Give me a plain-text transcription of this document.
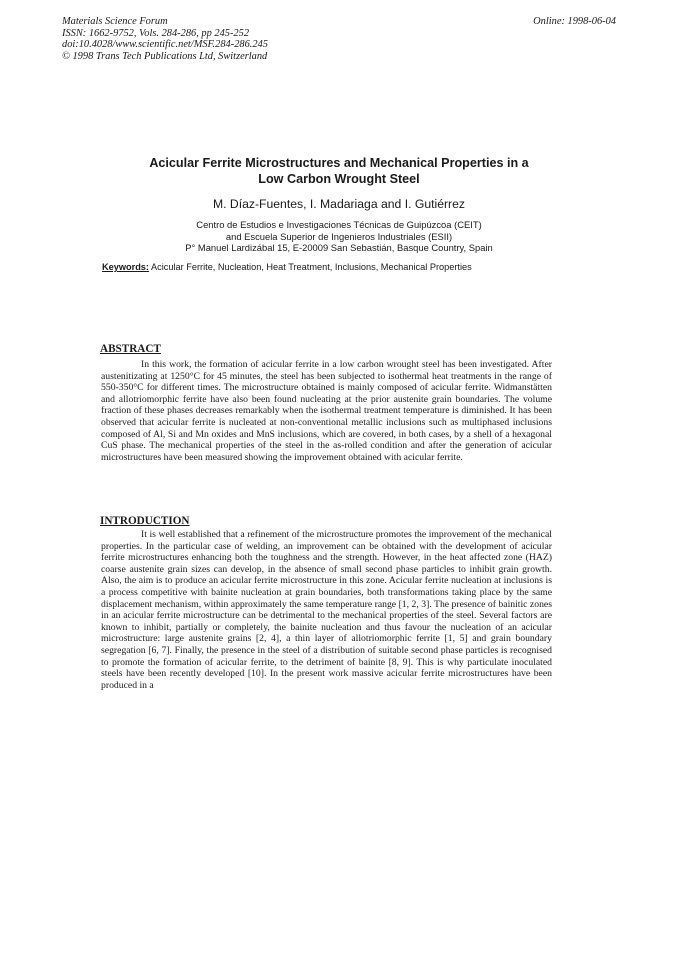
Materials Science Forum
ISSN: 1662-9752, Vols. 284-286, pp 245-252
doi:10.4028/www.scientific.net/MSF.284-286.245
© 1998 Trans Tech Publications Ltd, Switzerland
Online: 1998-06-04
Acicular Ferrite Microstructures and Mechanical Properties in a
Low Carbon Wrought Steel
M. Díaz-Fuentes, I. Madariaga and I. Gutiérrez
Centro de Estudios e Investigaciones Técnicas de Guipúzcoa (CEIT)
and Escuela Superior de Ingenieros Industriales (ESII)
P° Manuel Lardizábal 15, E-20009 San Sebastián, Basque Country, Spain
Keywords: Acicular Ferrite, Nucleation, Heat Treatment, Inclusions, Mechanical Properties
ABSTRACT

In this work, the formation of acicular ferrite in a low carbon wrought steel has been investigated. After austenitizating at 1250°C for 45 minutes, the steel has been subjected to isothermal heat treatments in the range of 550-350°C for different times. The microstructure obtained is mainly composed of acicular ferrite. Widmanstätten and allotriomorphic ferrite have also been found nucleating at the prior austenite grain boundaries. The volume fraction of these phases decreases remarkably when the isothermal treatment temperature is diminished. It has been observed that acicular ferrite is nucleated at non-conventional metallic inclusions such as multiphased inclusions composed of Al, Si and Mn oxides and MnS inclusions, which are covered, in both cases, by a shell of a hexagonal CuS phase. The mechanical properties of the steel in the as-rolled condition and after the generation of acicular microstructures have been measured showing the improvement obtained with acicular ferrite.

INTRODUCTION

It is well established that a refinement of the microstructure promotes the improvement of the mechanical properties. In the particular case of welding, an improvement can be obtained with the development of acicular ferrite microstructures enhancing both the toughness and the strength. However, in the heat affected zone (HAZ) coarse austenite grain sizes can develop, in the absence of small second phase particles to inhibit grain growth. Also, the aim is to produce an acicular ferrite microstructure in this zone. Acicular ferrite nucleation at inclusions is a process competitive with bainite nucleation at grain boundaries, both transformations taking place by the same displacement mechanism, within approximately the same temperature range [1, 2, 3]. The presence of bainitic zones in an acicular ferrite microstructure can be detrimental to the mechanical properties of the steel. Several factors are known to inhibit, partially or completely, the bainite nucleation and thus favour the nucleation of an acicular microstructure: large austenite grains [2, 4], a thin layer of allotriomorphic ferrite [1, 5] and grain boundary segregation [6, 7]. Finally, the presence in the steel of a distribution of suitable second phase particles is recognised to promote the formation of acicular ferrite, to the detriment of bainite [8, 9]. This is why particulate inoculated steels have been recently developed [10]. In the present work massive acicular ferrite microstructures have been produced in a
